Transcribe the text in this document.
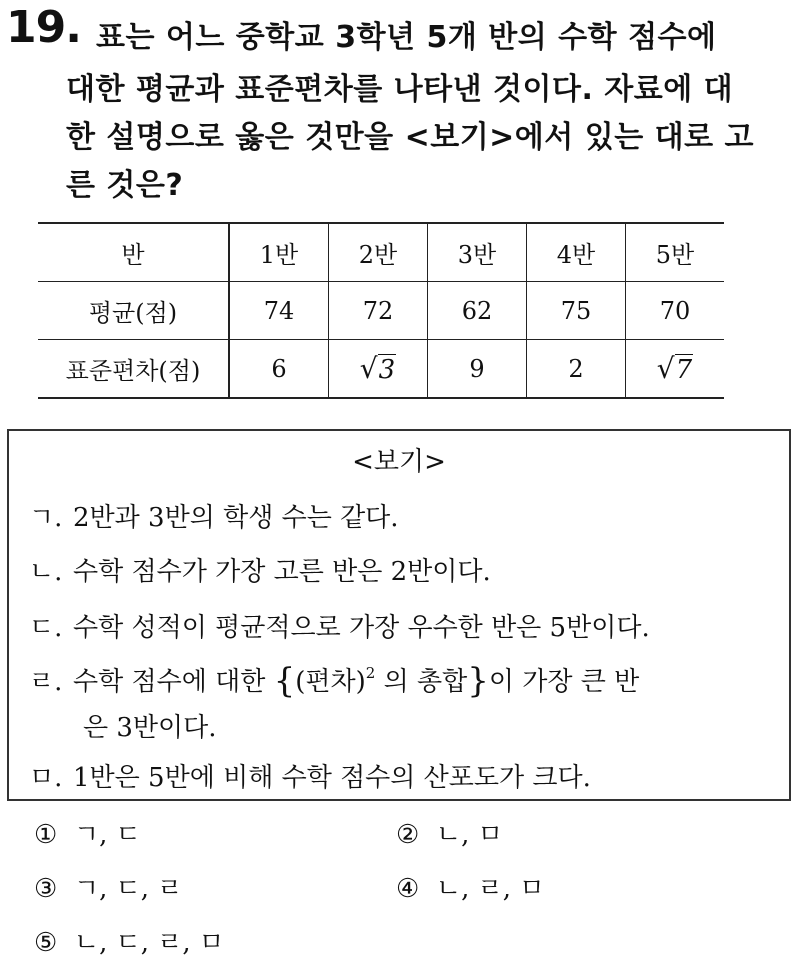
19. 표는 어느 중학교 3학년 5개 반의 수학 점수에
대한 평균과 표준편차를 나타낸 것이다. 자료에 대
한 설명으로 옳은 것만을 <보기>에서 있는 대로 고
른 것은?
반	1반	2반	3반	4반	5반
평균(점)	74	72	62	75	70
표준편차(점)	6	√3	9	2	√7
<보기>
ㄱ. 2반과 3반의 학생 수는 같다.
ㄴ. 수학 점수가 가장 고른 반은 2반이다.
ㄷ. 수학 성적이 평균적으로 가장 우수한 반은 5반이다.
ㄹ. 수학 점수에 대한 {(편차)$^2$ 의 총합}이 가장 큰 반
은 3반이다.
ㅁ. 1반은 5반에 비해 수학 점수의 산포도가 크다.
① ㄱ, ㄷ	② ㄴ, ㅁ
③ ㄱ, ㄷ, ㄹ	④ ㄴ, ㄹ, ㅁ
⑤ ㄴ, ㄷ, ㄹ, ㅁ
